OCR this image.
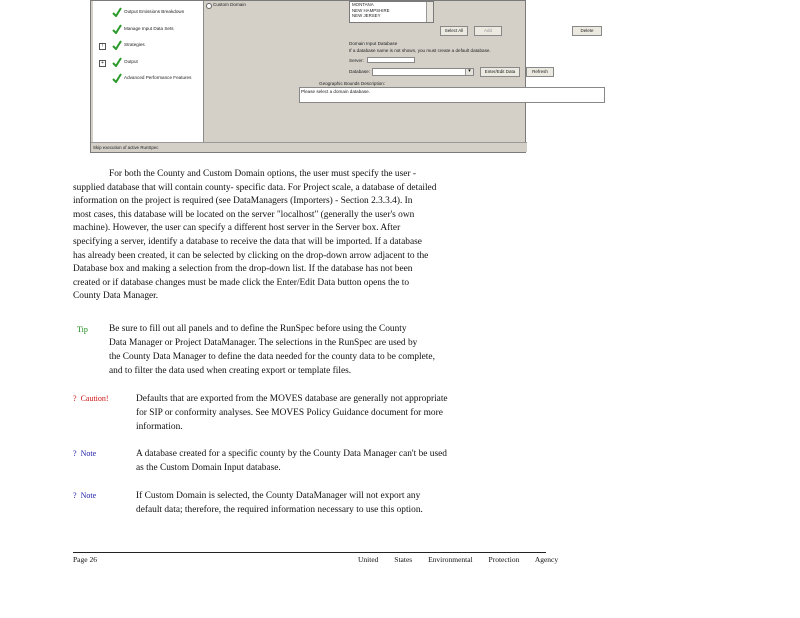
Output Emissions Breakdown
Manage Input Data Sets
!	Strategies
+	Output
Advanced Performance Features
Custom Domain	MONTANA
NEW HAMPSHIRE
NEW JERSEY
Select All	Add	Delete
Domain Input Database
If a database name is not shown, you must create a default database.
Server:
Database:	▾	Enter/Edit Data	Refresh
Geographic Bounds Description:
Please select a domain database.
Skip execution of active RunSpec
For both the County and Custom Domain options, the user must specify the user -
supplied database that will contain county- specific data. For Project scale, a database of detailed
information on the project is required (see DataManagers (Importers) - Section 2.3.3.4). In
most cases, this database will be located on the server "localhost" (generally the user's own
machine). However, the user can specify a different host server in the Server box. After
specifying a server, identify a database to receive the data that will be imported. If a database
has already been created, it can be selected by clicking on the drop-down arrow adjacent to the
Database box and making a selection from the drop-down list. If the database has not been
created or if database changes must be made click the Enter/Edit Data button opens the to
County Data Manager.
Tip Be sure to fill out all panels and to define the RunSpec before using the County
Data Manager or Project DataManager. The selections in the RunSpec are used by
the County Data Manager to define the data needed for the county data to be complete,
and to filter the data used when creating export or template files.
?  Caution!	Defaults that are exported from the MOVES database are generally not appropriate
for SIP or conformity analyses. See MOVES Policy Guidance document for more
information.
?  Note	A database created for a specific county by the County Data Manager can't be used
as the Custom Domain Input database.
?  Note	If Custom Domain is selected, the County DataManager will not export any
default data; therefore, the required information necessary to use this option.
Page 26	United States Environmental Protection Agency
